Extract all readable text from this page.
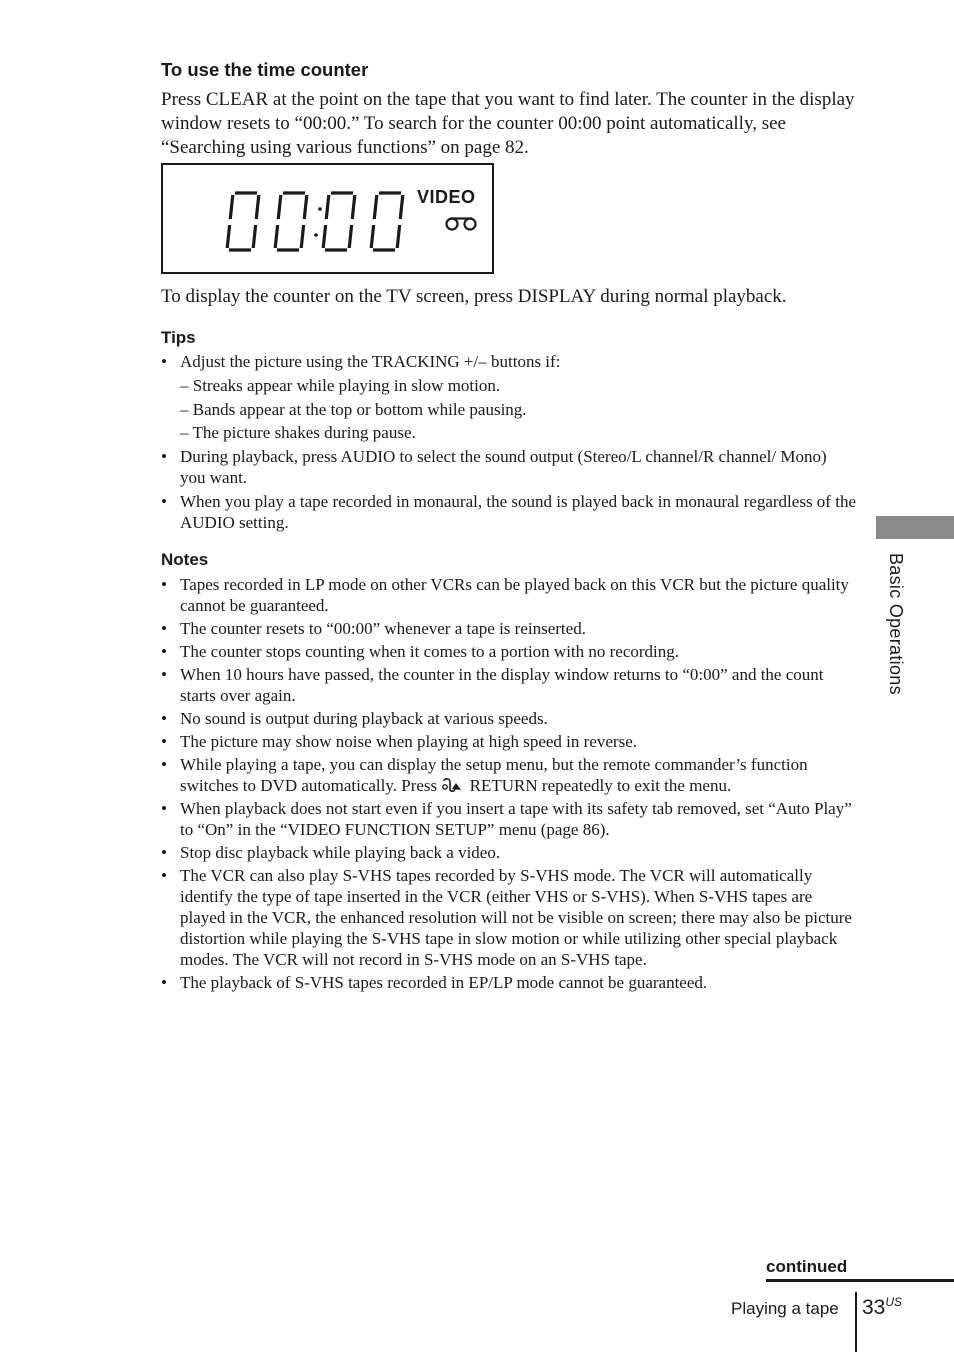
To use the time counter

Press CLEAR at the point on the tape that you want to find later. The counter in the display window resets to “00:00.” To search for the counter 00:00 point automatically, see “Searching using various functions” on page 82.

VIDEO

To display the counter on the TV screen, press DISPLAY during normal playback.

Tips
• Adjust the picture using the TRACKING +/– buttons if:
– Streaks appear while playing in slow motion.
– Bands appear at the top or bottom while pausing.
– The picture shakes during pause.
• During playback, press AUDIO to select the sound output (Stereo/L channel/R channel/ Mono) you want.
• When you play a tape recorded in monaural, the sound is played back in monaural regardless of the AUDIO setting.
Notes
• Tapes recorded in LP mode on other VCRs can be played back on this VCR but the picture quality cannot be guaranteed.
• The counter resets to “00:00” whenever a tape is reinserted.
• The counter stops counting when it comes to a portion with no recording.
• When 10 hours have passed, the counter in the display window returns to “0:00” and the count starts over again.
• No sound is output during playback at various speeds.
• The picture may show noise when playing at high speed in reverse.
• While playing a tape, you can display the setup menu, but the remote commander’s function switches to DVD automatically. Press RETURN repeatedly to exit the menu.
• When playback does not start even if you insert a tape with its safety tab removed, set “Auto Play” to “On” in the “VIDEO FUNCTION SETUP” menu (page 86).
• Stop disc playback while playing back a video.
• The VCR can also play S-VHS tapes recorded by S-VHS mode. The VCR will automatically identify the type of tape inserted in the VCR (either VHS or S-VHS). When S-VHS tapes are played in the VCR, the enhanced resolution will not be visible on screen; there may also be picture distortion while playing the S-VHS tape in slow motion or while utilizing other special playback modes. The VCR will not record in S-VHS mode on an S-VHS tape.
• The playback of S-VHS tapes recorded in EP/LP mode cannot be guaranteed.
Basic Operations
continued
Playing a tape $33^{US}$
